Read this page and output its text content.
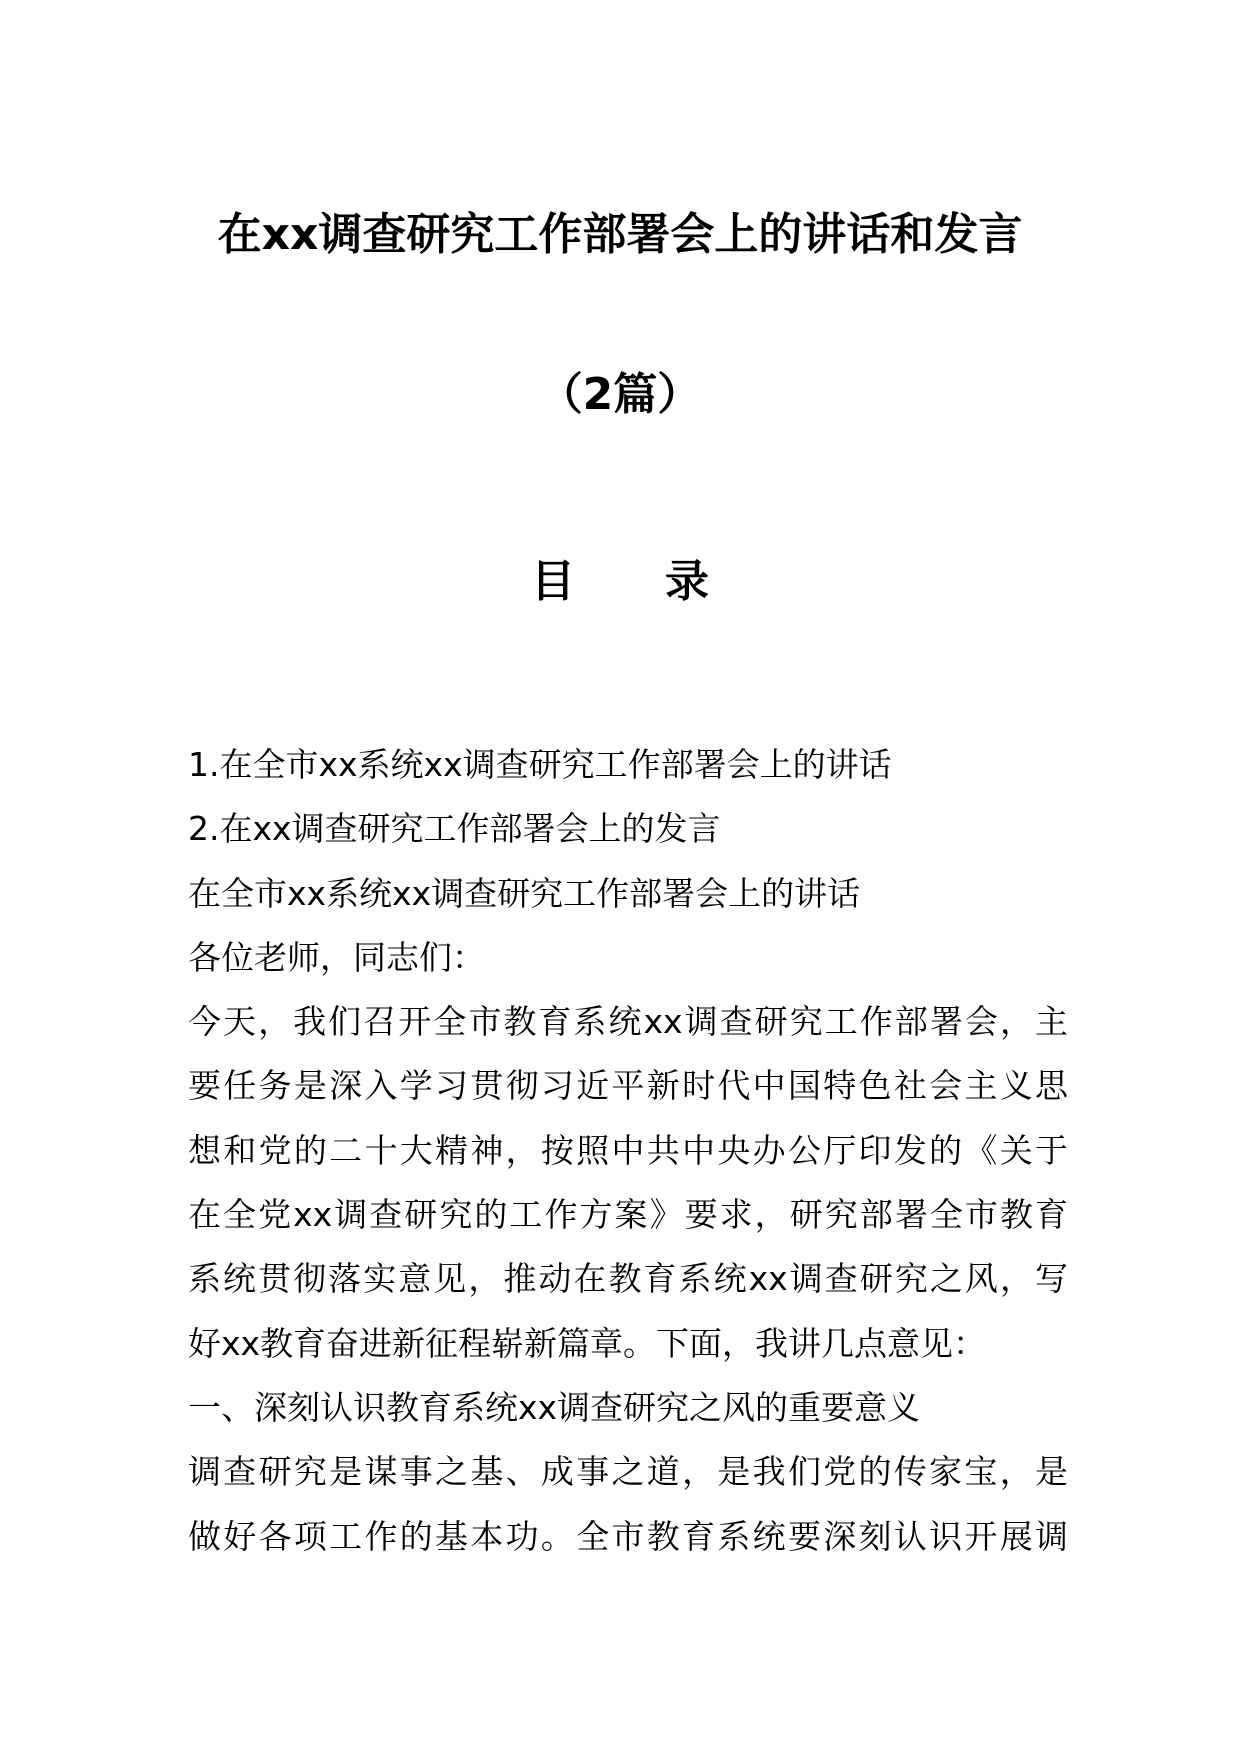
在xx调查研究工作部署会上的讲话和发言
（2篇）
目录
1.在全市xx系统xx调查研究工作部署会上的讲话
2.在xx调查研究工作部署会上的发言
在全市xx系统xx调查研究工作部署会上的讲话
各位老师，同志们：
今天，我们召开全市教育系统xx调查研究工作部署会，主
要任务是深入学习贯彻习近平新时代中国特色社会主义思
想和党的二十大精神，按照中共中央办公厅印发的《关于
在全党xx调查研究的工作方案》要求，研究部署全市教育
系统贯彻落实意见，推动在教育系统xx调查研究之风，写
好xx教育奋进新征程崭新篇章。下面，我讲几点意见：
一、深刻认识教育系统xx调查研究之风的重要意义
调查研究是谋事之基、成事之道，是我们党的传家宝，是
做好各项工作的基本功。全市教育系统要深刻认识开展调
